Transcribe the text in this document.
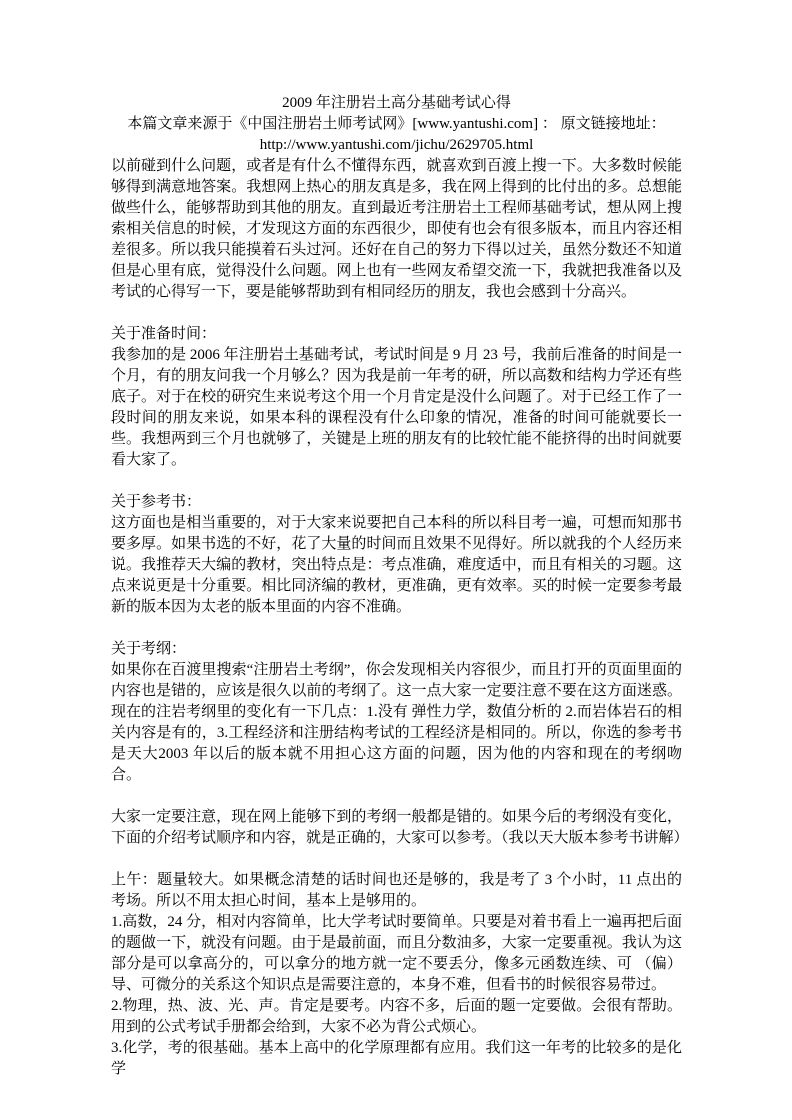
2009 年注册岩土高分基础考试心得
本篇文章来源于《中国注册岩土师考试网》[www.yantushi.com] ： 原文链接地址：
http://www.yantushi.com/jichu/2629705.html
以前碰到什么问题，或者是有什么不懂得东西，就喜欢到百渡上搜一下。大多数时候能够得到满意地答案。我想网上热心的朋友真是多，我在网上得到的比付出的多。总想能做些什么，能够帮助到其他的朋友。直到最近考注册岩土工程师基础考试，想从网上搜索相关信息的时候，才发现这方面的东西很少，即使有也会有很多版本，而且内容还相差很多。所以我只能摸着石头过河。还好在自己的努力下得以过关，虽然分数还不知道但是心里有底，觉得没什么问题。网上也有一些网友希望交流一下，我就把我准备以及考试的心得写一下，要是能够帮助到有相同经历的朋友，我也会感到十分高兴。
关于准备时间：
我参加的是 2006 年注册岩土基础考试，考试时间是 9 月 23 号，我前后准备的时间是一个月，有的朋友问我一个月够么？因为我是前一年考的研，所以高数和结构力学还有些底子。对于在校的研究生来说考这个用一个月肯定是没什么问题了。对于已经工作了一段时间的朋友来说，如果本科的课程没有什么印象的情况，准备的时间可能就要长一些。我想两到三个月也就够了，关键是上班的朋友有的比较忙能不能挤得的出时间就要看大家了。
关于参考书：
这方面也是相当重要的，对于大家来说要把自己本科的所以科目考一遍，可想而知那书要多厚。如果书选的不好，花了大量的时间而且效果不见得好。所以就我的个人经历来说。我推荐天大编的教材，突出特点是：考点准确，难度适中，而且有相关的习题。这点来说更是十分重要。相比同济编的教材，更准确，更有效率。买的时候一定要参考最新的版本因为太老的版本里面的内容不准确。
关于考纲：
如果你在百渡里搜索“注册岩土考纲”，你会发现相关内容很少，而且打开的页面里面的内容也是错的，应该是很久以前的考纲了。这一点大家一定要注意不要在这方面迷惑。现在的注岩考纲里的变化有一下几点：1.没有 弹性力学，数值分析的 2.而岩体岩石的相关内容是有的，3.工程经济和注册结构考试的工程经济是相同的。所以，你选的参考书是天大2003 年以后的版本就不用担心这方面的问题，因为他的内容和现在的考纲吻合。
大家一定要注意，现在网上能够下到的考纲一般都是错的。如果今后的考纲没有变化，下面的介绍考试顺序和内容，就是正确的，大家可以参考。（我以天大版本参考书讲解）
上午：题量较大。如果概念清楚的话时间也还是够的，我是考了 3 个小时，11 点出的考场。所以不用太担心时间，基本上是够用的。
1.高数，24 分，相对内容简单，比大学考试时要简单。只要是对着书看上一遍再把后面的题做一下，就没有问题。由于是最前面，而且分数油多，大家一定要重视。我认为这部分是可以拿高分的，可以拿分的地方就一定不要丢分，像多元函数连续、可 （偏）导、可微分的关系这个知识点是需要注意的，本身不难，但看书的时候很容易带过。
2.物理，热、波、光、声。肯定是要考。内容不多，后面的题一定要做。会很有帮助。用到的公式考试手册都会给到，大家不必为背公式烦心。
3.化学，考的很基础。基本上高中的化学原理都有应用。我们这一年考的比较多的是化学
